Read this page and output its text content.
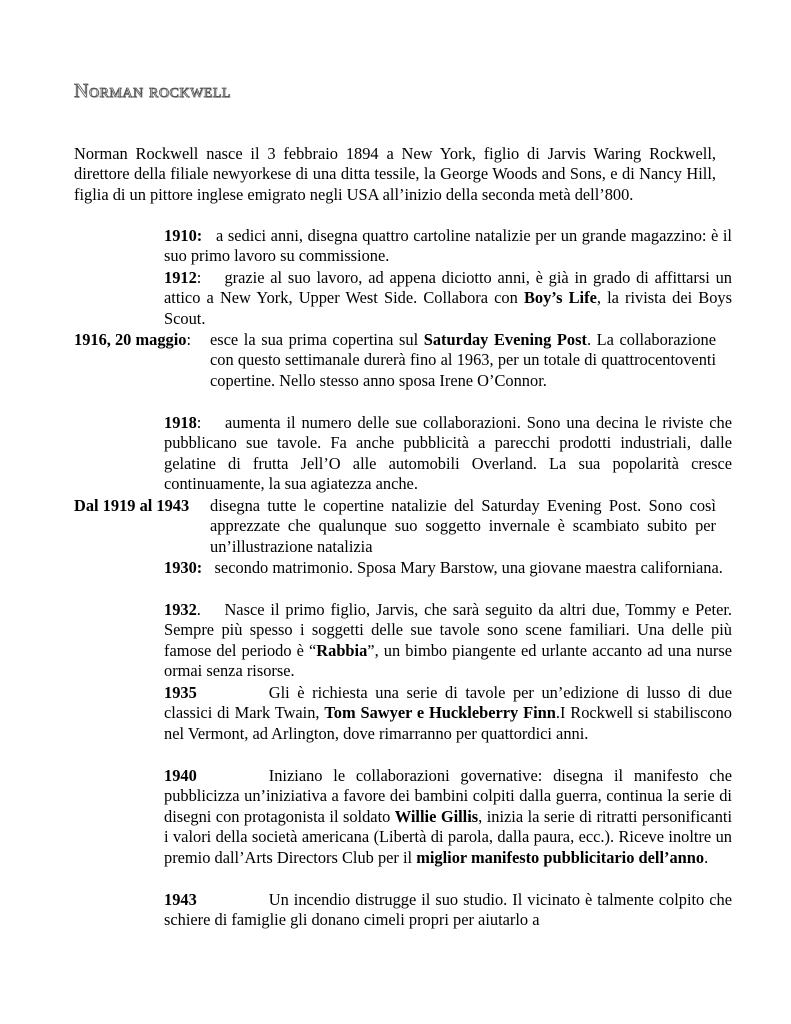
Norman rockwell
Norman Rockwell nasce il 3 febbraio 1894 a New York, figlio di Jarvis Waring Rockwell, direttore della filiale newyorkese di una ditta tessile, la George Woods and Sons, e di Nancy Hill, figlia di un pittore inglese emigrato negli USA all’inizio della seconda metà dell’800.
1910: a sedici anni, disegna quattro cartoline natalizie per un grande magazzino: è il suo primo lavoro su commissione.
1912: grazie al suo lavoro, ad appena diciotto anni, è già in grado di affittarsi un attico a New York, Upper West Side. Collabora con Boy’s Life, la rivista dei Boys Scout.
1916, 20 maggio: esce la sua prima copertina sul Saturday Evening Post. La collaborazione con questo settimanale durerà fino al 1963, per un totale di quattrocentoventi copertine. Nello stesso anno sposa Irene O’Connor.
1918: aumenta il numero delle sue collaborazioni. Sono una decina le riviste che pubblicano sue tavole. Fa anche pubblicità a parecchi prodotti industriali, dalle gelatine di frutta Jell’O alle automobili Overland. La sua popolarità cresce continuamente, la sua agiatezza anche.
Dal 1919 al 1943 disegna tutte le copertine natalizie del Saturday Evening Post. Sono così apprezzate che qualunque suo soggetto invernale è scambiato subito per un’illustrazione natalizia
1930: secondo matrimonio. Sposa Mary Barstow, una giovane maestra californiana.
1932. Nasce il primo figlio, Jarvis, che sarà seguito da altri due, Tommy e Peter. Sempre più spesso i soggetti delle sue tavole sono scene familiari. Una delle più famose del periodo è “Rabbia”, un bimbo piangente ed urlante accanto ad una nurse ormai senza risorse.
1935	Gli è richiesta una serie di tavole per un’edizione di lusso di due classici di Mark Twain, Tom Sawyer e Huckleberry Finn.I Rockwell si stabiliscono nel Vermont, ad Arlington, dove rimarranno per quattordici anni.
1940	Iniziano le collaborazioni governative: disegna il manifesto che pubblicizza un’iniziativa a favore dei bambini colpiti dalla guerra, continua la serie di disegni con protagonista il soldato Willie Gillis, inizia la serie di ritratti personificanti i valori della società americana (Libertà di parola, dalla paura, ecc.). Riceve inoltre un premio dall’Arts Directors Club per il miglior manifesto pubblicitario dell’anno.
1943	Un incendio distrugge il suo studio. Il vicinato è talmente colpito che schiere di famiglie gli donano cimeli propri per aiutarlo a
